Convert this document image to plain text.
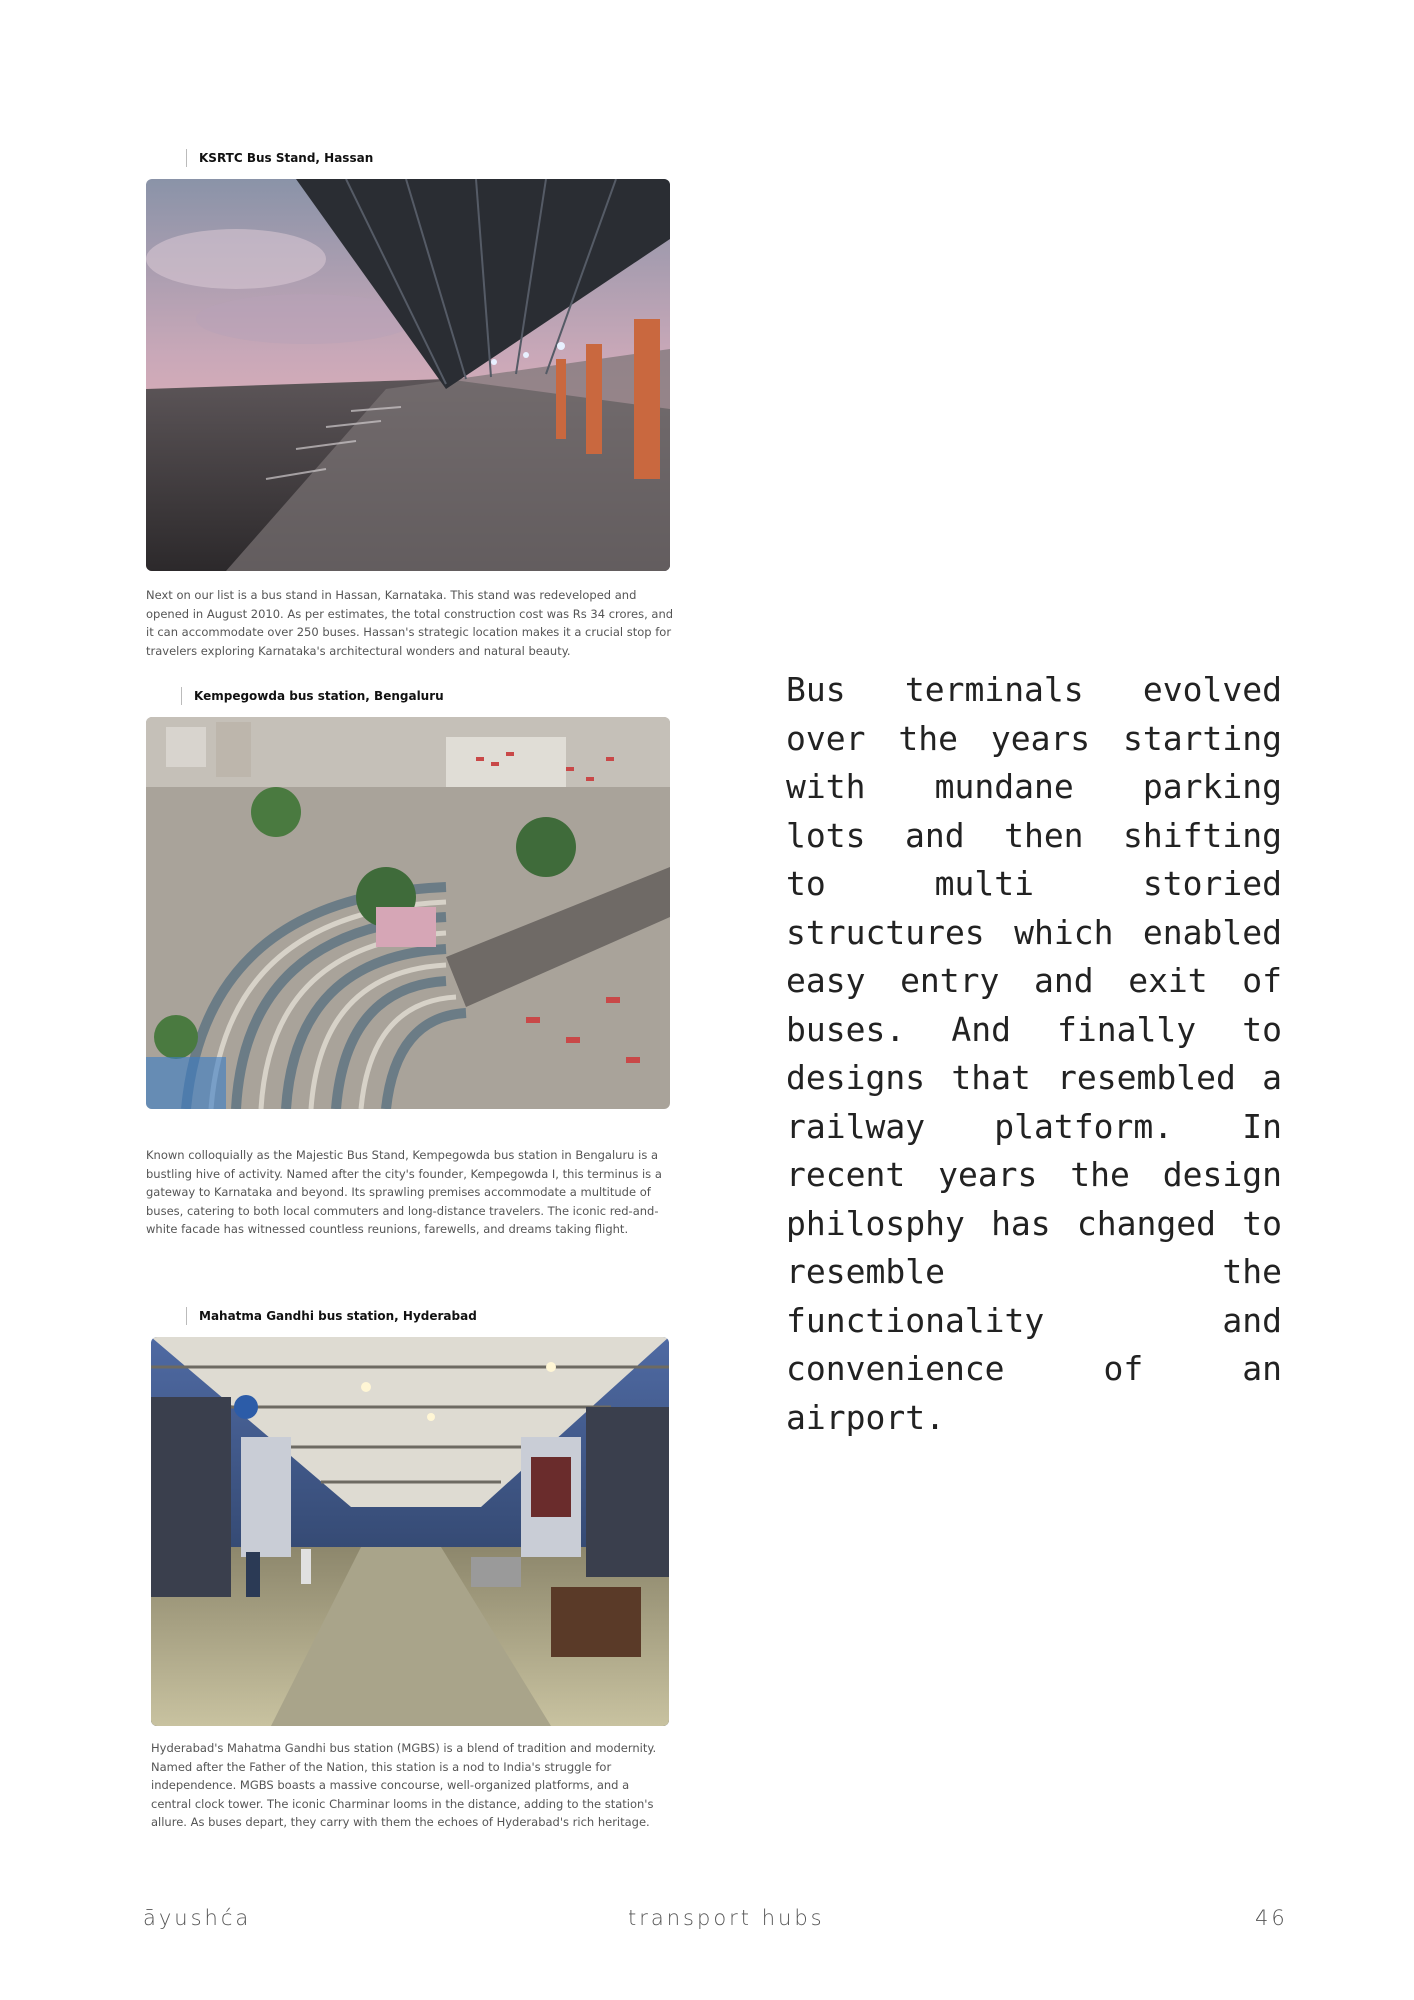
KSRTC Bus Stand, Hassan
Next on our list is a bus stand in Hassan, Karnataka. This stand was redeveloped and opened in August 2010. As per estimates, the total construction cost was Rs 34 crores, and it can accommodate over 250 buses. Hassan's strategic location makes it a crucial stop for travelers exploring Karnataka's architectural wonders and natural beauty.
Kempegowda bus station, Bengaluru
Known colloquially as the Majestic Bus Stand, Kempegowda bus station in Bengaluru is a bustling hive of activity. Named after the city's founder, Kempegowda I, this terminus is a gateway to Karnataka and beyond. Its sprawling premises accommodate a multitude of buses, catering to both local commuters and long-distance travelers. The iconic red-and-white facade has witnessed countless reunions, farewells, and dreams taking flight.
Mahatma Gandhi bus station, Hyderabad
Hyderabad's Mahatma Gandhi bus station (MGBS) is a blend of tradition and modernity. Named after the Father of the Nation, this station is a nod to India's struggle for independence. MGBS boasts a massive concourse, well-organized platforms, and a central clock tower. The iconic Charminar looms in the distance, adding to the station's allure. As buses depart, they carry with them the echoes of Hyderabad's rich heritage.
Bus terminals evolved over the years starting with mundane parking lots and then shifting to multi storied structures which enabled easy entry and exit of buses. And finally to designs that resembled a railway platform. In recent years the design philosphy has changed to resemble the functionality and convenience of an airport.
āyushća	transport hubs	46
